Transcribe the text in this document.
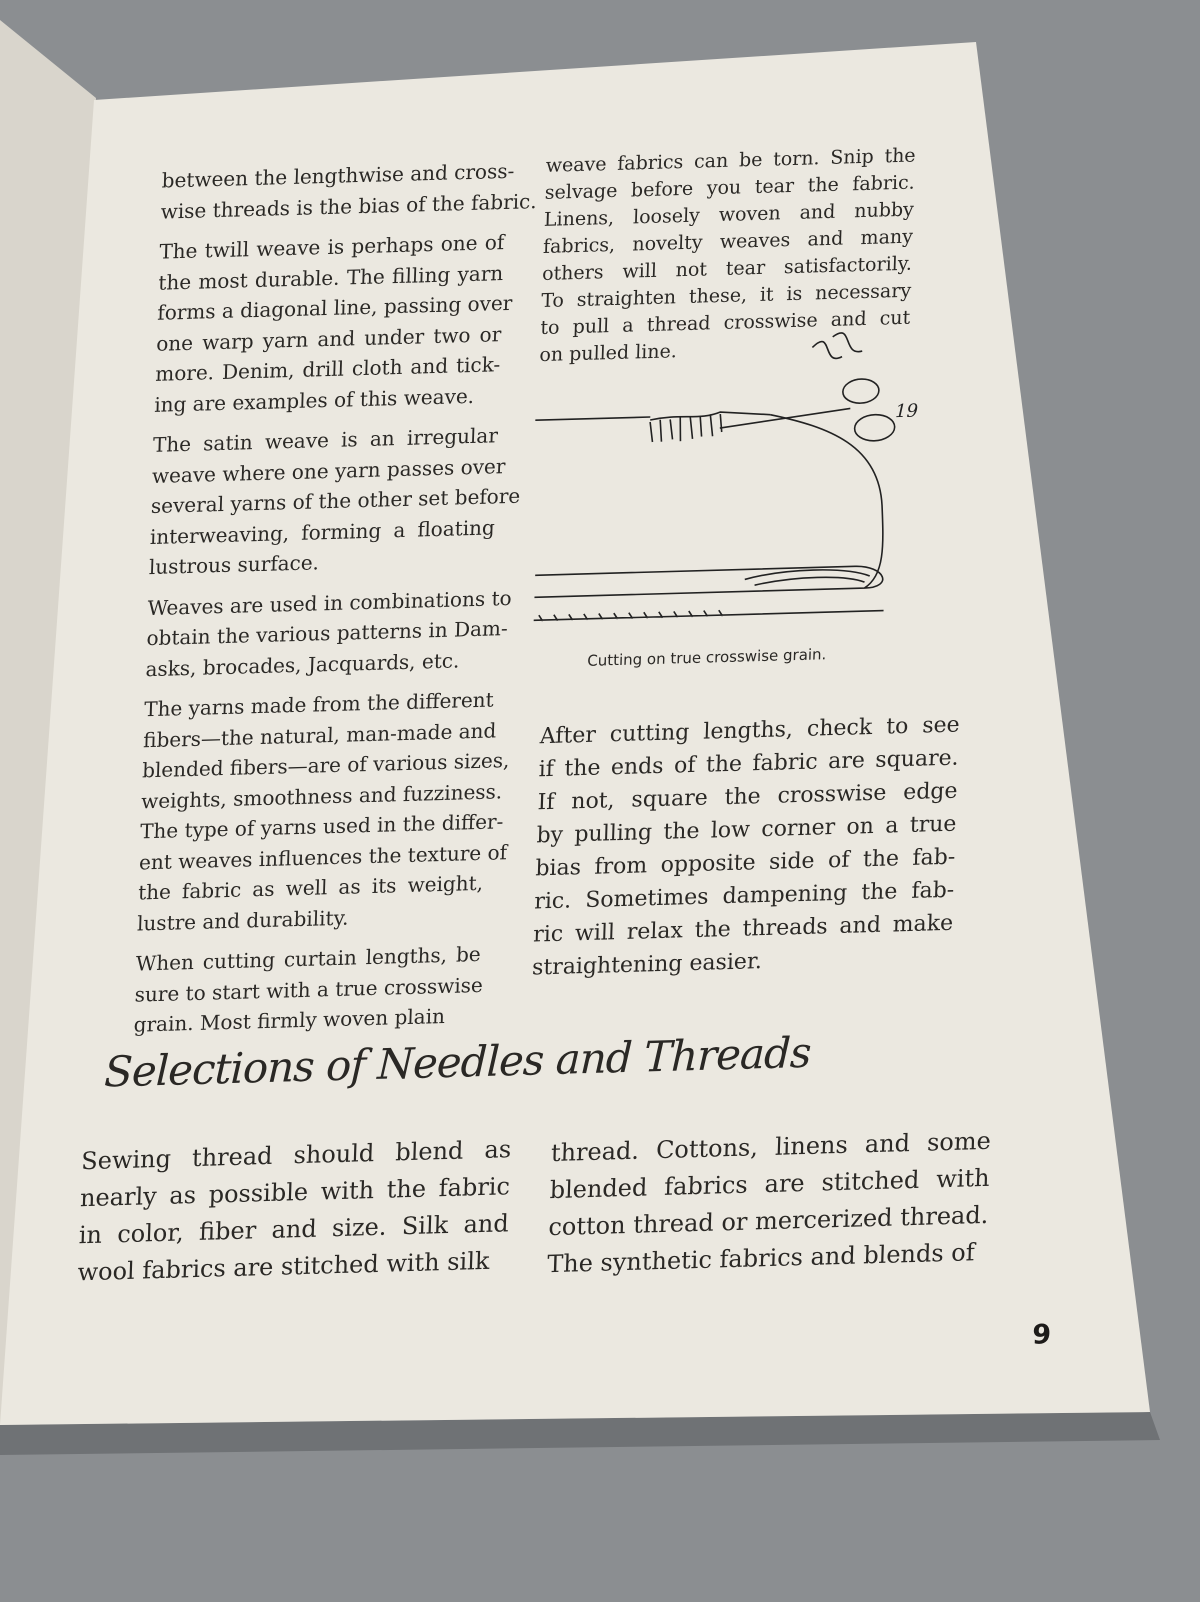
between the lengthwise and cross-
wise threads is the bias of the fabric.

The twill weave is perhaps one of
the most durable. The filling yarn
forms a diagonal line, passing over
one warp yarn and under two or
more. Denim, drill cloth and tick-
ing are examples of this weave.

The satin weave is an irregular
weave where one yarn passes over
several yarns of the other set before
interweaving, forming a floating
lustrous surface.

Weaves are used in combinations to
obtain the various patterns in Dam-
asks, brocades, Jacquards, etc.

The yarns made from the different
fibers—the natural, man-made and
blended fibers—are of various sizes,
weights, smoothness and fuzziness.
The type of yarns used in the differ-
ent weaves influences the texture of
the fabric as well as its weight,
lustre and durability.

When cutting curtain lengths, be
sure to start with a true crosswise
grain. Most firmly woven plain

weave fabrics can be torn. Snip the
selvage before you tear the fabric.
Linens, loosely woven and nubby
fabrics, novelty weaves and many
others will not tear satisfactorily.
To straighten these, it is necessary
to pull a thread crosswise and cut
on pulled line.

19
Cutting on true crosswise grain.

After cutting lengths, check to see
if the ends of the fabric are square.
If not, square the crosswise edge
by pulling the low corner on a true
bias from opposite side of the fab-
ric. Sometimes dampening the fab-
ric will relax the threads and make
straightening easier.

Selections of Needles and Threads

Sewing thread should blend as
nearly as possible with the fabric
in color, fiber and size. Silk and
wool fabrics are stitched with silk

thread. Cottons, linens and some
blended fabrics are stitched with
cotton thread or mercerized thread.
The synthetic fabrics and blends of

9
